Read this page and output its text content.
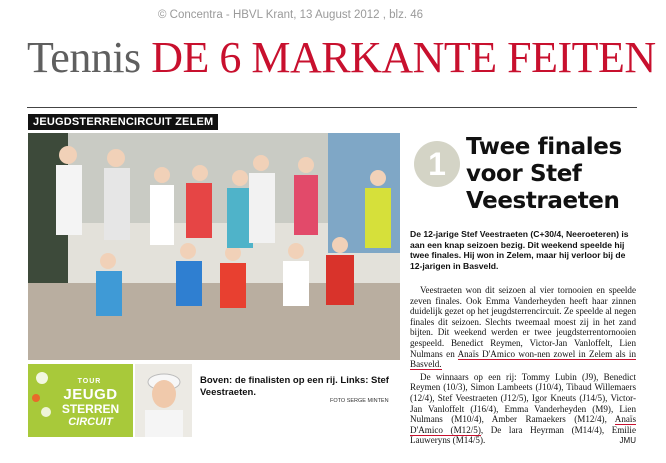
© Concentra - HBVL Krant, 13 August 2012 , blz. 46
Tennis DE 6 MARKANTE FEITEN
JEUGDSTERRENCIRCUIT ZELEM
TOUR
JEUGD
STERREN
CIRCUIT
Boven: de finalisten op een rij. Links: Stef Veestraeten.
FOTO SERGE MINTEN
1 Twee finales voor Stef Veestraeten
De 12-jarige Stef Veestraeten (C+30/4, Neeroeteren) is aan een knap seizoen bezig. Dit weekend speelde hij twee finales. Hij won in Zelem, maar hij verloor bij de 12-jarigen in Basveld.

Veestraeten won dit seizoen al vier tornooien en speelde zeven finales. Ook Emma Vanderheyden heeft haar zinnen duidelijk gezet op het jeugdsterrencircuit. Ze speelde al negen finales dit seizoen. Slechts tweemaal moest zij in het zand bijten. Dit weekend werden er twee jeugdsterrentornooien gespeeld. Benedict Reymen, Victor-Jan Vanloffelt, Lien Nulmans en Anaïs D'Amico won-nen zowel in Zelem als in Basveld.

De winnaars op een rij: Tommy Lubin (J9), Benedict Reymen (10/3), Simon Lambeets (J10/4), Tibaud Willemaers (12/4), Stef Veestraeten (J12/5), Igor Kneuts (J14/5), Victor-Jan Vanloffelt (J16/4), Emma Vanderheyden (M9), Lien Nulmans (M10/4), Amber Ramaekers (M12/4), Anaïs D'Amico (M12/5), De lara Heyrman (M14/4), Emilie Lauweryns (M14/5).	JMU
